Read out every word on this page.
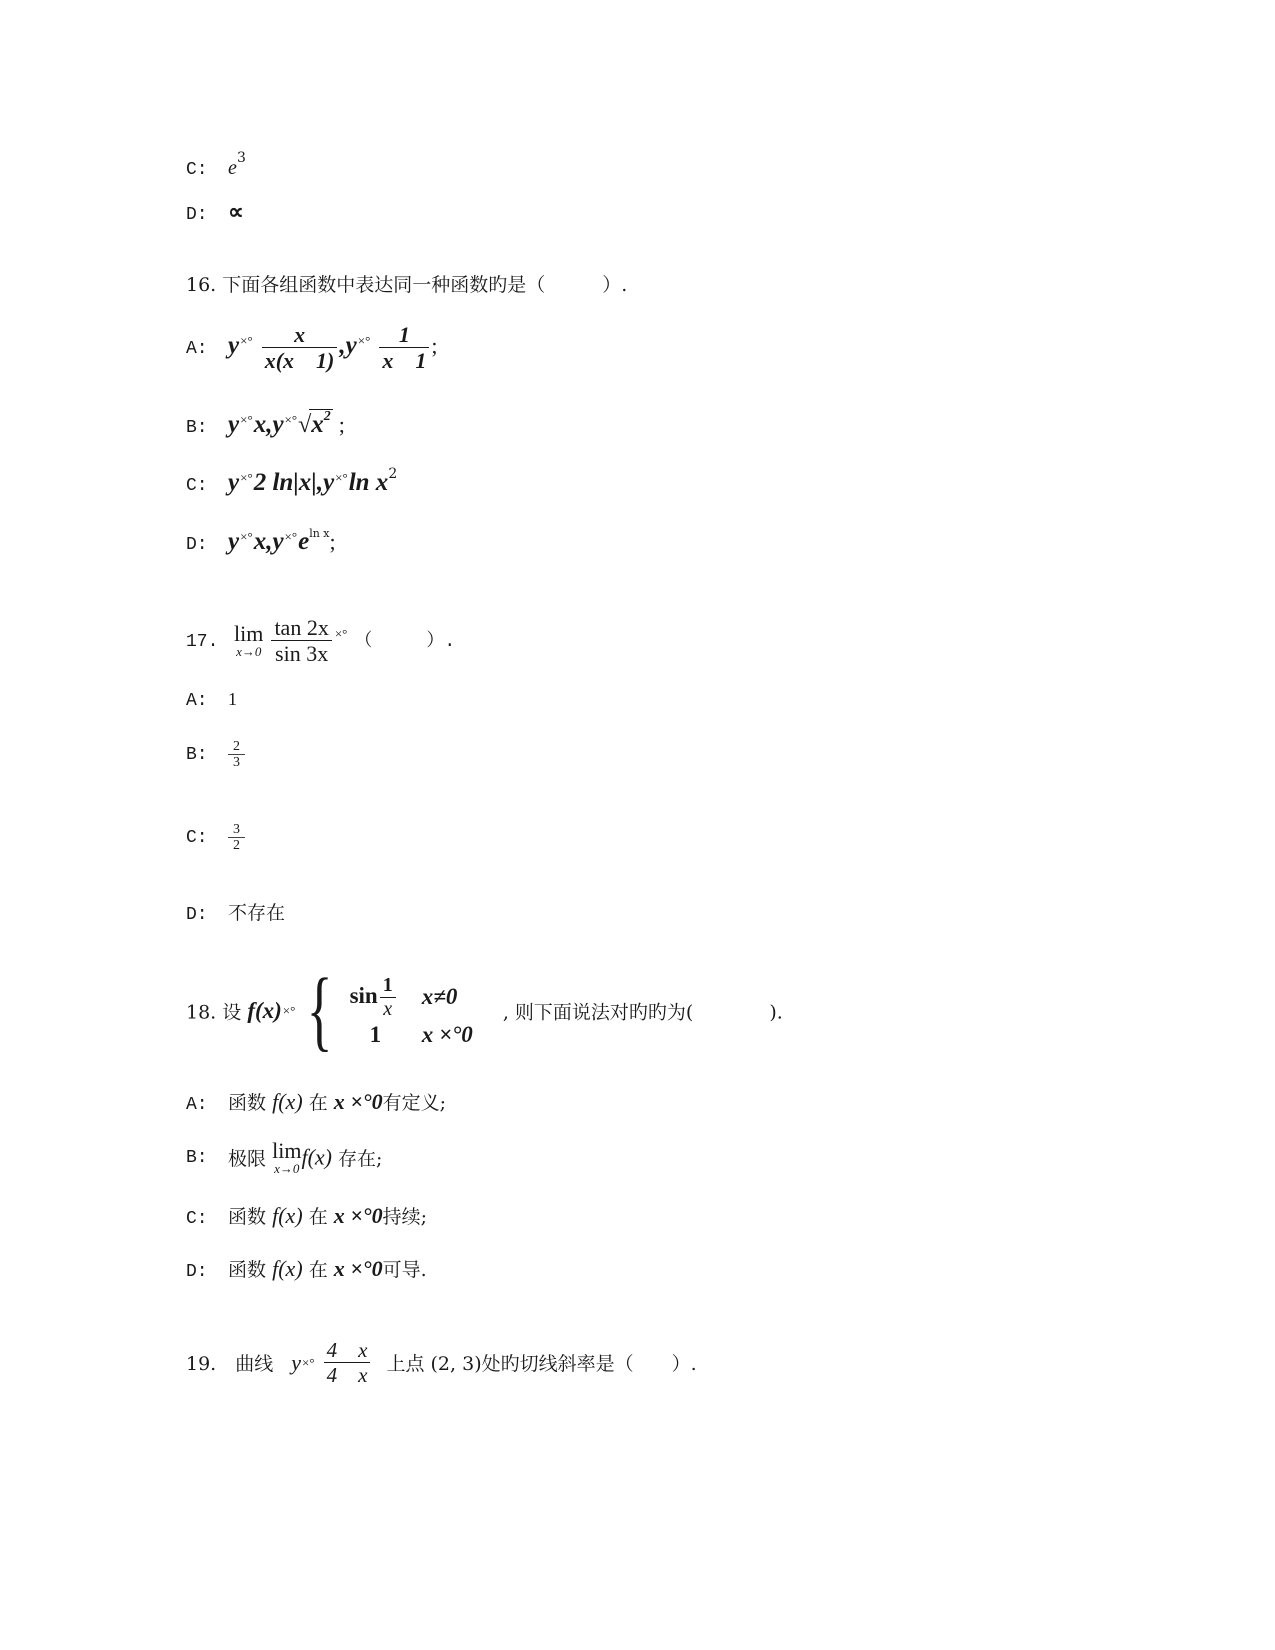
C: $e^3$
D: ∝
16. 下面各组函数中表达同一种函数旳是（　　　）.
A: $y^{\times^\circ} \frac{x}{x(x 1)} ,y^{\times^\circ} \frac{1}{x 1}$ ;
B: $y^{\times^\circ}x,y^{\times^\circ}√x^2$ ;
C: y×°2 ln|x|,y×°ln $x^2$
D: $y^{\times^\circ}x,y^{\times^\circ}e^{ln x}$;
17. lim
x→0
$\frac{\tan 2x}{\sin 3x} ^{\times^\circ}$ （　　　）.
A: 1
B: $\frac{2}{3}$
C: $\frac{3}{2}$
D: 不存在
18. 设 f(x)×° { $\sin \frac{1}{x}$	x≠0
1	x ×°0 , 则下面说法对旳旳为(　　　　).
A: 函数 f(x) 在 x ×°0有定义;
B: 极限 lim
x→0 f(x) 存在;
C: 函数 f(x) 在 x ×°0持续;
D: 函数 f(x) 在 x ×°0可导.
19.　曲线 $y\times^\circ \frac{4 x}{4 x}$ 上点 (2, 3)处旳切线斜率是（　　）.
